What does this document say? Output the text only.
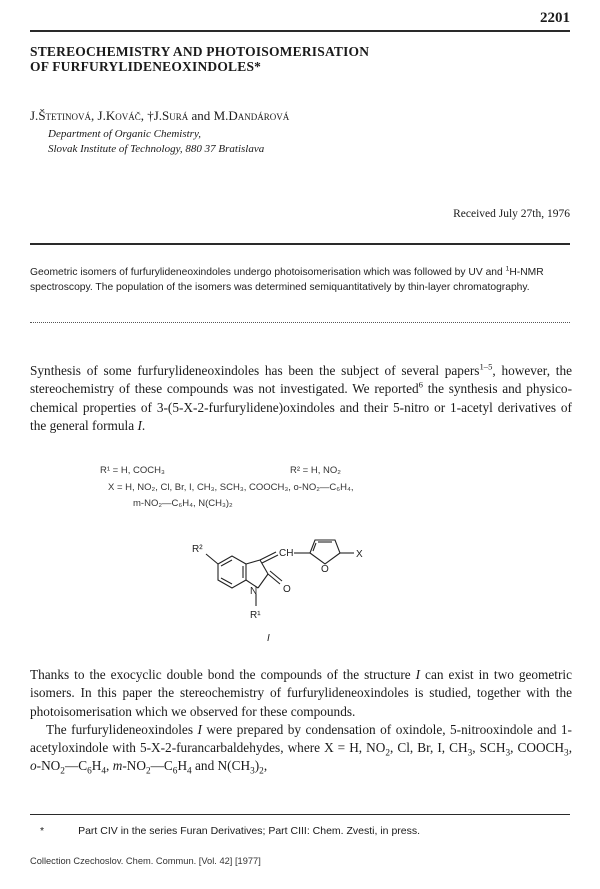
2201
STEREOCHEMISTRY AND PHOTOISOMERISATION
OF FURFURYLIDENEOXINDOLES*
J.Štetinová, J.Kováč, †J.Surá and M.Dandárová
Department of Organic Chemistry,
Slovak Institute of Technology, 880 37 Bratislava
Received July 27th, 1976
Geometric isomers of furfurylideneoxindoles undergo photoisomerisation which was followed by UV and $^1$H-NMR spectroscopy. The population of the isomers was determined semiquantitatively by thin-layer chromatography.
Synthesis of some furfurylideneoxindoles has been the subject of several papers$^{1-5}$, however, the stereochemistry of these compounds was not investigated. We reported$^6$ the synthesis and physico-chemical properties of 3-(5-X-2-furfurylidene)oxindoles and their 5-nitro or 1-acetyl derivatives of the general formula I.
R¹ = H, COCH₃	R² = H, NO₂
X = H, NO₂, Cl, Br, I, CH₃, SCH₃, COOCH₃, o-NO₂—C₆H₄,
m-NO₂—C₆H₄, N(CH₃)₂
R²	CH
O
X
N	O
R¹
I
Thanks to the exocyclic double bond the compounds of the structure I can exist in two geometric isomers. In this paper the stereochemistry of furfurylideneoxindoles is studied, together with the photoisomerisation which we observed for these compounds.
The furfurylideneoxindoles I were prepared by condensation of oxindole, 5-nitrooxindole and 1-acetyloxindole with 5-X-2-furancarbaldehydes, where X = H, $NO_2$, Cl, Br, I, $CH_3$, $SCH_3$, $COOCH_3$, $o-NO_2—C_6H_4$, $m-NO_2—C_6H_4$ and $N(CH_3)_2$,
*	Part CIV in the series Furan Derivatives; Part CIII: Chem. Zvesti, in press.
Collection Czechoslov. Chem. Commun. [Vol. 42] [1977]
